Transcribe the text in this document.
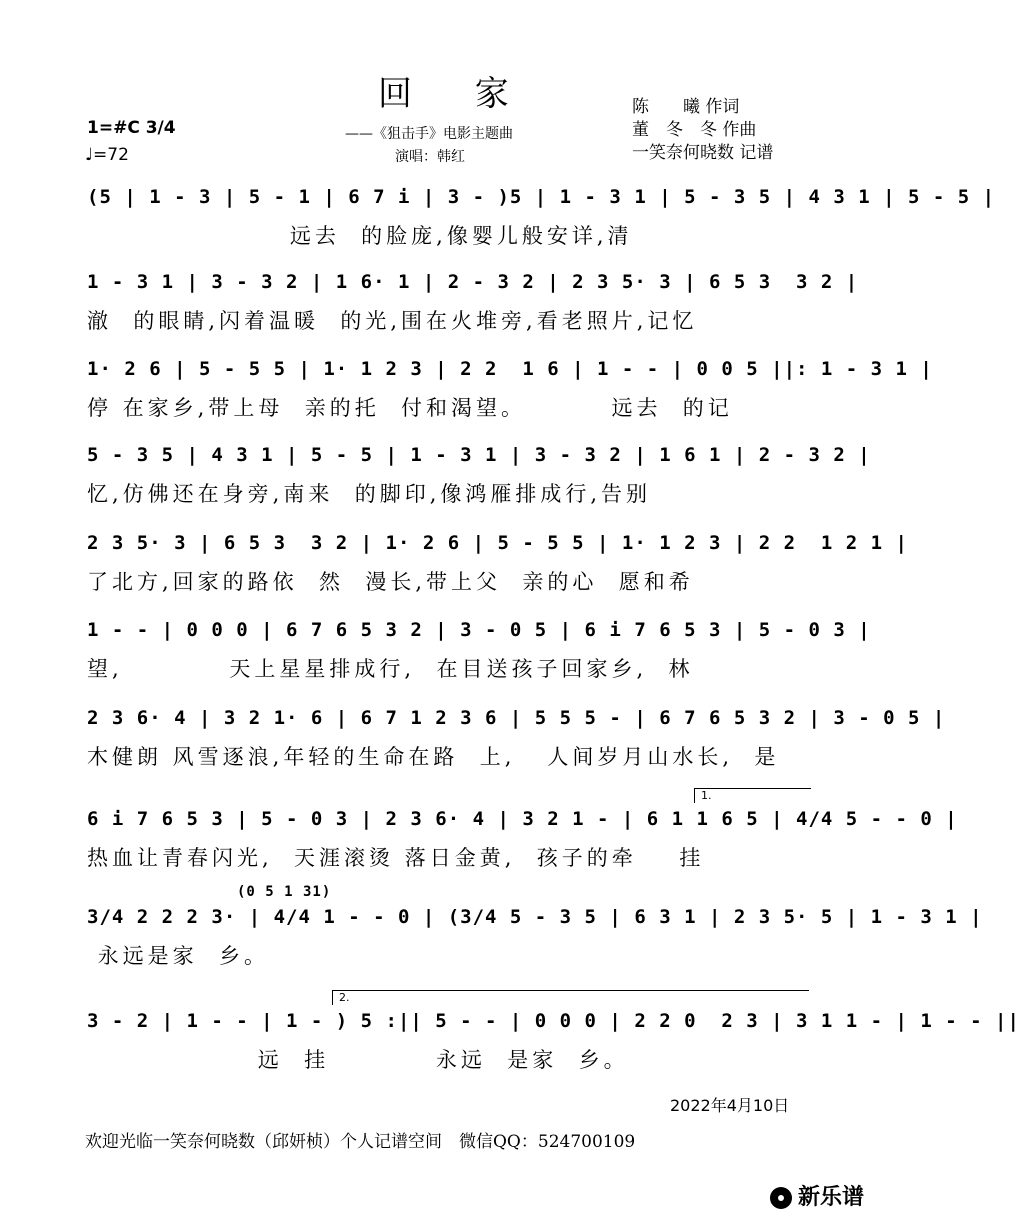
回 家	陈　　曦 作词
董　冬　冬 作曲
一笑奈何晓数 记谱
——《狙击手》电影主题曲
演唱：韩红
1=#C 3/4
♩=72
(5 | 1 - 3 | 5 - 1 | 6 7 i | 3 - )5 | 1 - 3 1 | 5 - 3 5 | 4 3 1 | 5 - 5 |
远去  的脸庞,像婴儿般安详,清
1 - 3 1 | 3 - 3 2 | 1 6· 1 | 2 - 3 2 | 2 3 5· 3 | 6 5 3  3 2 |
澈  的眼睛,闪着温暖  的光,围在火堆旁,看老照片,记忆
1· 2 6 | 5 - 5 5 | 1· 1 2 3 | 2 2  1 6 | 1 - - | 0 0 5 ||: 1 - 3 1 |
停 在家乡,带上母  亲的托  付和渴望。        远去  的记
5 - 3 5 | 4 3 1 | 5 - 5 | 1 - 3 1 | 3 - 3 2 | 1 6 1 | 2 - 3 2 |
忆,仿佛还在身旁,南来  的脚印,像鸿雁排成行,告别
2 3 5· 3 | 6 5 3  3 2 | 1· 2 6 | 5 - 5 5 | 1· 1 2 3 | 2 2  1 2 1 |
了北方,回家的路依  然  漫长,带上父  亲的心  愿和希
1 - - | 0 0 0 | 6 7 6 5 3 2 | 3 - 0 5 | 6 i 7 6 5 3 | 5 - 0 3 |
望,          天上星星排成行,  在目送孩子回家乡,  林
2 3 6· 4 | 3 2 1· 6 | 6 7 1 2 3 6 | 5 5 5 - | 6 7 6 5 3 2 | 3 - 0 5 |
木健朗 风雪逐浪,年轻的生命在路  上,   人间岁月山水长,  是
1.
6 i 7 6 5 3 | 5 - 0 3 | 2 3 6· 4 | 3 2 1 - | 6 1 1 6 5 | 4/4 5 - - 0 |
热血让青春闪光,  天涯滚烫 落日金黄,  孩子的牵    挂
(0 5 1 31)
3/4 2 2 2 3· | 4/4 1 - - 0 | (3/4 5 - 3 5 | 6 3 1 | 2 3 5· 5 | 1 - 3 1 |
永远是家  乡。
2.
3 - 2 | 1 - - | 1 - ) 5 :|| 5 - - | 0 0 0 | 2 2 0  2 3 | 3 1 1 - | 1 - - ||
远  挂          永远  是家  乡。
2022年4月10日
欢迎光临一笑奈何晓数（邱妍桢）个人记谱空间　微信QQ：524700109
新乐谱
